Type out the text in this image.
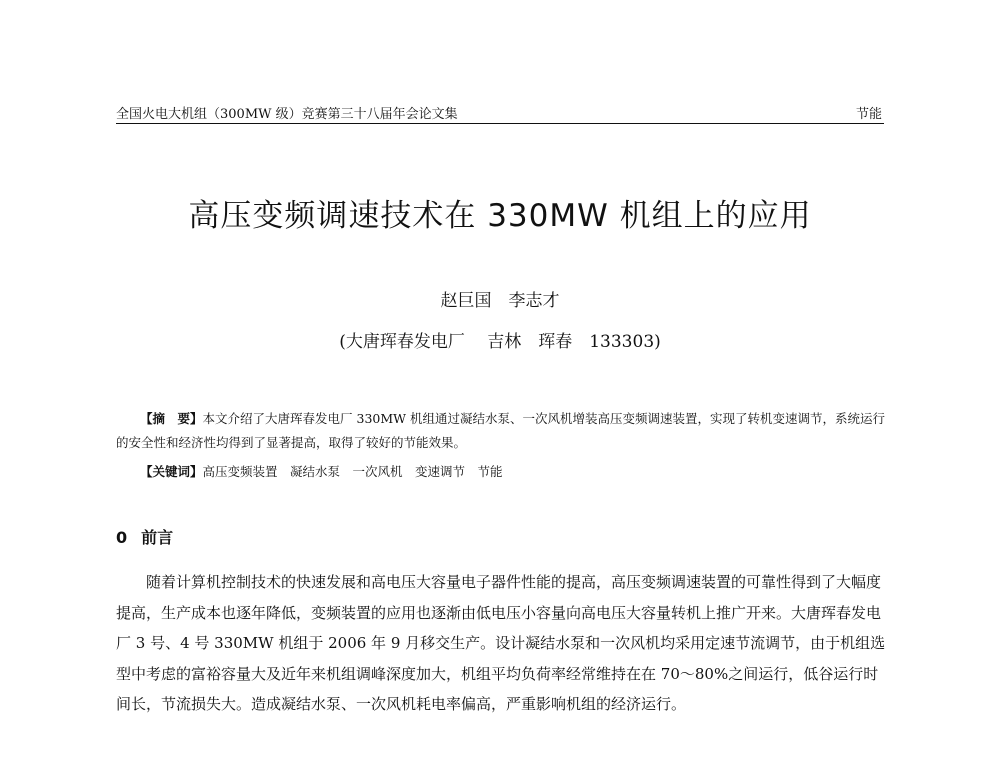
全国火电大机组（300MW 级）竞赛第三十八届年会论文集	节能
高压变频调速技术在 330MW 机组上的应用
赵巨国　李志才
(大唐珲春发电厂　 吉林　珲春　133303)
【摘　要】本文介绍了大唐珲春发电厂 330MW 机组通过凝结水泵、一次风机增装高压变频调速装置，实现了转机变速调节，系统运行的安全性和经济性均得到了显著提高，取得了较好的节能效果。
【关键词】高压变频装置　凝结水泵　一次风机　变速调节　节能
0 前言
随着计算机控制技术的快速发展和高电压大容量电子器件性能的提高，高压变频调速装置的可靠性得到了大幅度提高，生产成本也逐年降低，变频装置的应用也逐渐由低电压小容量向高电压大容量转机上推广开来。大唐珲春发电厂 3 号、4 号 330MW 机组于 2006 年 9 月移交生产。设计凝结水泵和一次风机均采用定速节流调节，由于机组选型中考虑的富裕容量大及近年来机组调峰深度加大，机组平均负荷率经常维持在在 70～80%之间运行，低谷运行时间长，节流损失大。造成凝结水泵、一次风机耗电率偏高，严重影响机组的经济运行。
